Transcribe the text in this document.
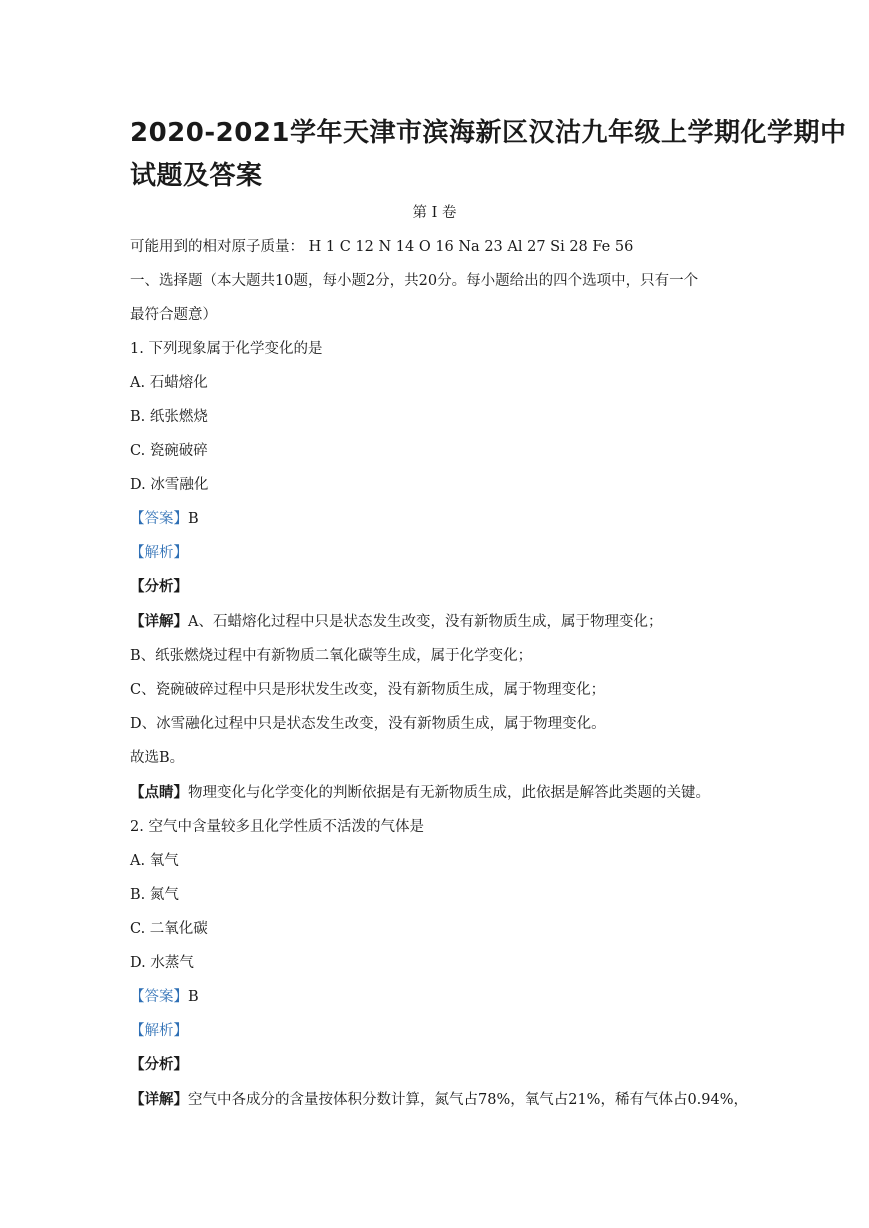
2020-2021学年天津市滨海新区汉沽九年级上学期化学期中
试题及答案
第 I 卷
可能用到的相对原子质量： H 1 C 12 N 14 O 16 Na 23 Al 27 Si 28 Fe 56
一、选择题（本大题共10题，每小题2分，共20分。每小题给出的四个选项中，只有一个
最符合题意）
1. 下列现象属于化学变化的是
A. 石蜡熔化
B. 纸张燃烧
C. 瓷碗破碎
D. 冰雪融化
【答案】B
【解析】
【分析】
【详解】A、石蜡熔化过程中只是状态发生改变，没有新物质生成，属于物理变化；
B、纸张燃烧过程中有新物质二氧化碳等生成，属于化学变化；
C、瓷碗破碎过程中只是形状发生改变，没有新物质生成，属于物理变化；
D、冰雪融化过程中只是状态发生改变，没有新物质生成，属于物理变化。
故选B。
【点睛】物理变化与化学变化的判断依据是有无新物质生成，此依据是解答此类题的关键。
2. 空气中含量较多且化学性质不活泼的气体是
A. 氧气
B. 氮气
C. 二氧化碳
D. 水蒸气
【答案】B
【解析】
【分析】
【详解】空气中各成分的含量按体积分数计算，氮气占78%，氧气占21%，稀有气体占0.94%，
